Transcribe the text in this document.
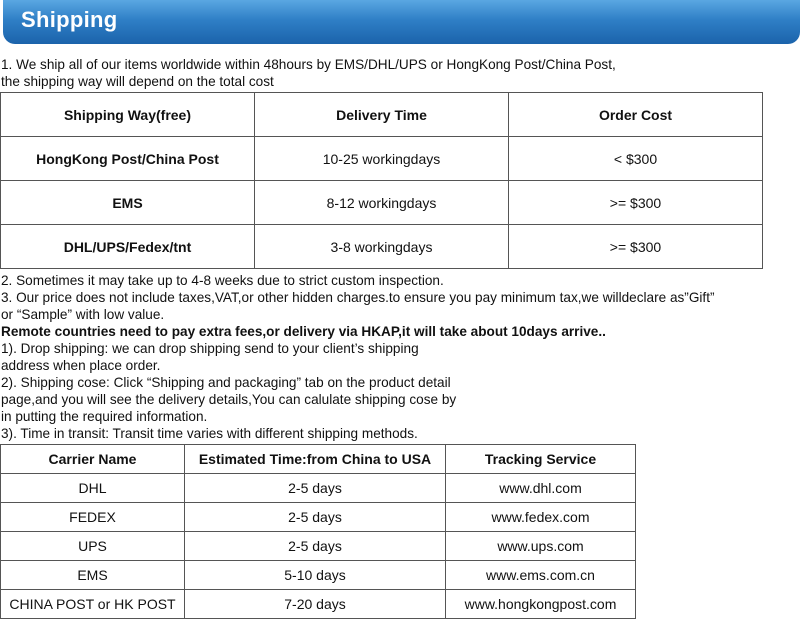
Shipping
1. We ship all of our items worldwide within 48hours by EMS/DHL/UPS or HongKong Post/China Post,
the shipping way will depend on the total cost
Shipping Way(free)	Delivery Time	Order Cost
HongKong Post/China Post	10-25 workingdays	< $300
EMS	8-12 workingdays	>= $300
DHL/UPS/Fedex/tnt	3-8 workingdays	>= $300
2. Sometimes it may take up to 4-8 weeks due to strict custom inspection.
3. Our price does not include taxes,VAT,or other hidden charges.to ensure you pay minimum tax,we willdeclare as”Gift”
or “Sample” with low value.
Remote countries need to pay extra fees,or delivery via HKAP,it will take about 10days arrive..
1). Drop shipping: we can drop shipping send to your client’s shipping
address when place order.
2). Shipping cose: Click “Shipping and packaging” tab on the product detail
page,and you will see the delivery details,You can calulate shipping cose by
in putting the required information.
3). Time in transit: Transit time varies with different shipping methods.
Carrier Name	Estimated Time:from China to USA	Tracking Service
DHL	2-5 days	www.dhl.com
FEDEX	2-5 days	www.fedex.com
UPS	2-5 days	www.ups.com
EMS	5-10 days	www.ems.com.cn
CHINA POST or HK POST	7-20 days	www.hongkongpost.com
